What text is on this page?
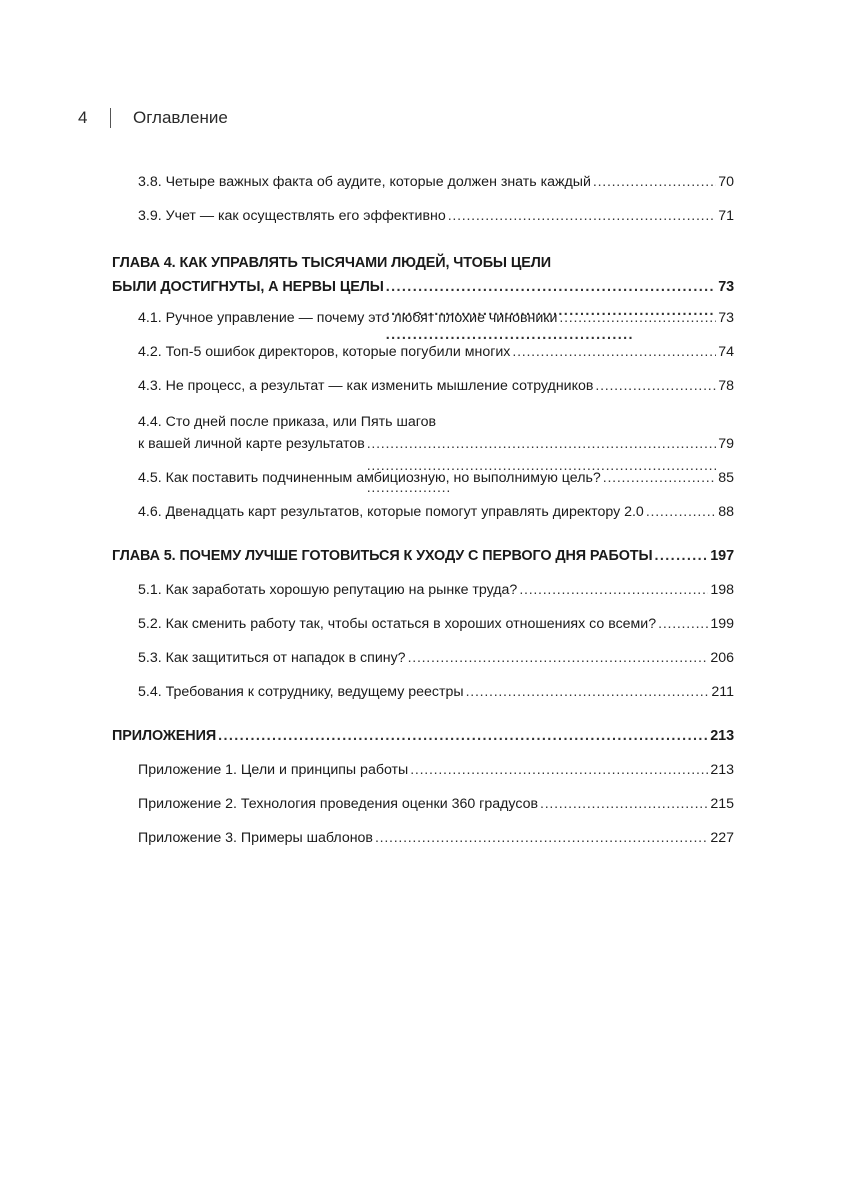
4	Оглавление
3.8. Четыре важных факта об аудите, которые должен знать каждый . . .	70
3.9. Учет — как осуществлять его эффективно . . .	71
ГЛАВА 4. КАК УПРАВЛЯТЬ ТЫСЯЧАМИ ЛЮДЕЙ, ЧТОБЫ ЦЕЛИ
БЫЛИ ДОСТИГНУТЫ, А НЕРВЫ ЦЕЛЫ . . .	73
4.1. Ручное управление — почему это любят плохие чиновники . . .	73
4.2. Топ-5 ошибок директоров, которые погубили многих . . .	74
4.3. Не процесс, а результат — как изменить мышление сотрудников . . .	78
4.4. Сто дней после приказа, или Пять шагов
к вашей личной карте результатов . . .	79
4.5. Как поставить подчиненным амбициозную, но выполнимую цель? . . .	85
4.6. Двенадцать карт результатов, которые помогут управлять директору 2.0 . . .	88
ГЛАВА 5. ПОЧЕМУ ЛУЧШЕ ГОТОВИТЬСЯ К УХОДУ С ПЕРВОГО ДНЯ РАБОТЫ . . .	197
5.1. Как заработать хорошую репутацию на рынке труда? . . .	198
5.2. Как сменить работу так, чтобы остаться в хороших отношениях со всеми? . . .	199
5.3. Как защититься от нападок в спину? . . .	206
5.4. Требования к сотруднику, ведущему реестры . . .	211
ПРИЛОЖЕНИЯ . . .	213
Приложение 1. Цели и принципы работы . . .	213
Приложение 2. Технология проведения оценки 360 градусов . . .	215
Приложение 3. Примеры шаблонов . . .	227
